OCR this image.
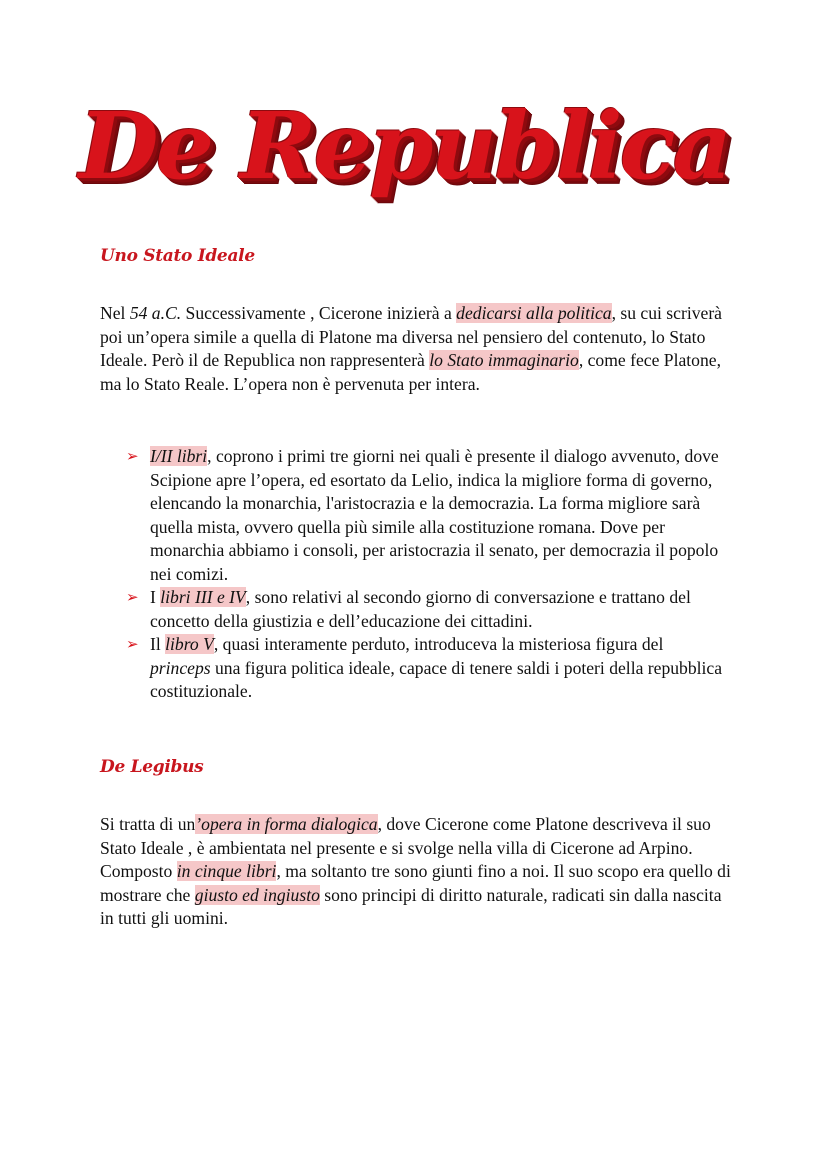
De Republica
Uno Stato Ideale
Nel 54 a.C. Successivamente , Cicerone inizierà a dedicarsi alla politica, su cui scriverà poi un’opera simile a quella di Platone ma diversa nel pensiero del contenuto, lo Stato Ideale. Però il de Republica non rappresenterà lo Stato immaginario, come fece Platone, ma lo Stato Reale. L’opera non è pervenuta per intera.
➢ I/II libri, coprono i primi tre giorni nei quali è presente il dialogo avvenuto, dove Scipione apre l’opera, ed esortato da Lelio, indica la migliore forma di governo, elencando la monarchia, l'aristocrazia e la democrazia. La forma migliore sarà quella mista, ovvero quella più simile alla costituzione romana. Dove per monarchia abbiamo i consoli, per aristocrazia il senato, per democrazia il popolo nei comizi.
➢ I libri III e IV, sono relativi al secondo giorno di conversazione e trattano del concetto della giustizia e dell’educazione dei cittadini.
➢ Il libro V, quasi interamente perduto, introduceva la misteriosa figura del princeps una figura politica ideale, capace di tenere saldi i poteri della repubblica costituzionale.
De Legibus
Si tratta di un’opera in forma dialogica, dove Cicerone come Platone descriveva il suo Stato Ideale , è ambientata nel presente e si svolge nella villa di Cicerone ad Arpino. Composto in cinque libri, ma soltanto tre sono giunti fino a noi. Il suo scopo era quello di mostrare che giusto ed ingiusto sono principi di diritto naturale, radicati sin dalla nascita in tutti gli uomini.
